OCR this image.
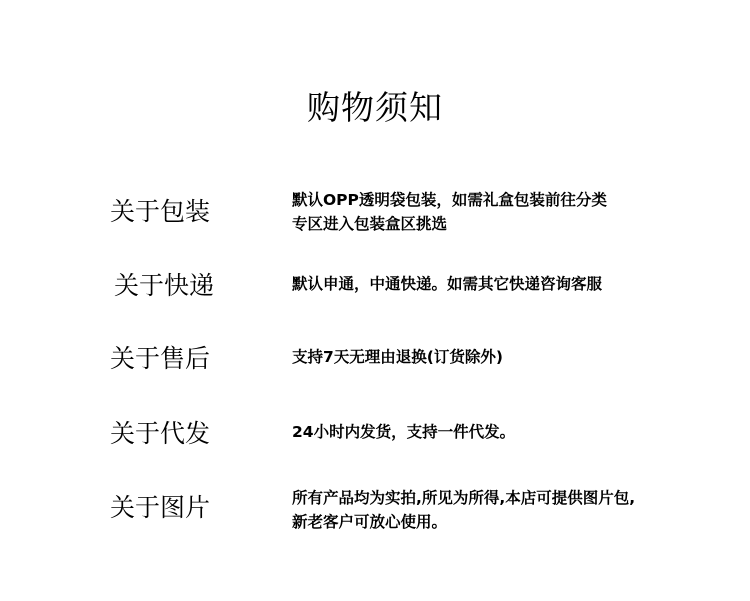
购物须知
关于包装	默认OPP透明袋包装，如需礼盒包装前往分类
专区进入包装盒区挑选
关于快递	默认申通，中通快递。如需其它快递咨询客服
关于售后	支持7天无理由退换(订货除外)
关于代发	24小时内发货，支持一件代发。
关于图片	所有产品均为实拍,所见为所得,本店可提供图片包,
新老客户可放心使用。
